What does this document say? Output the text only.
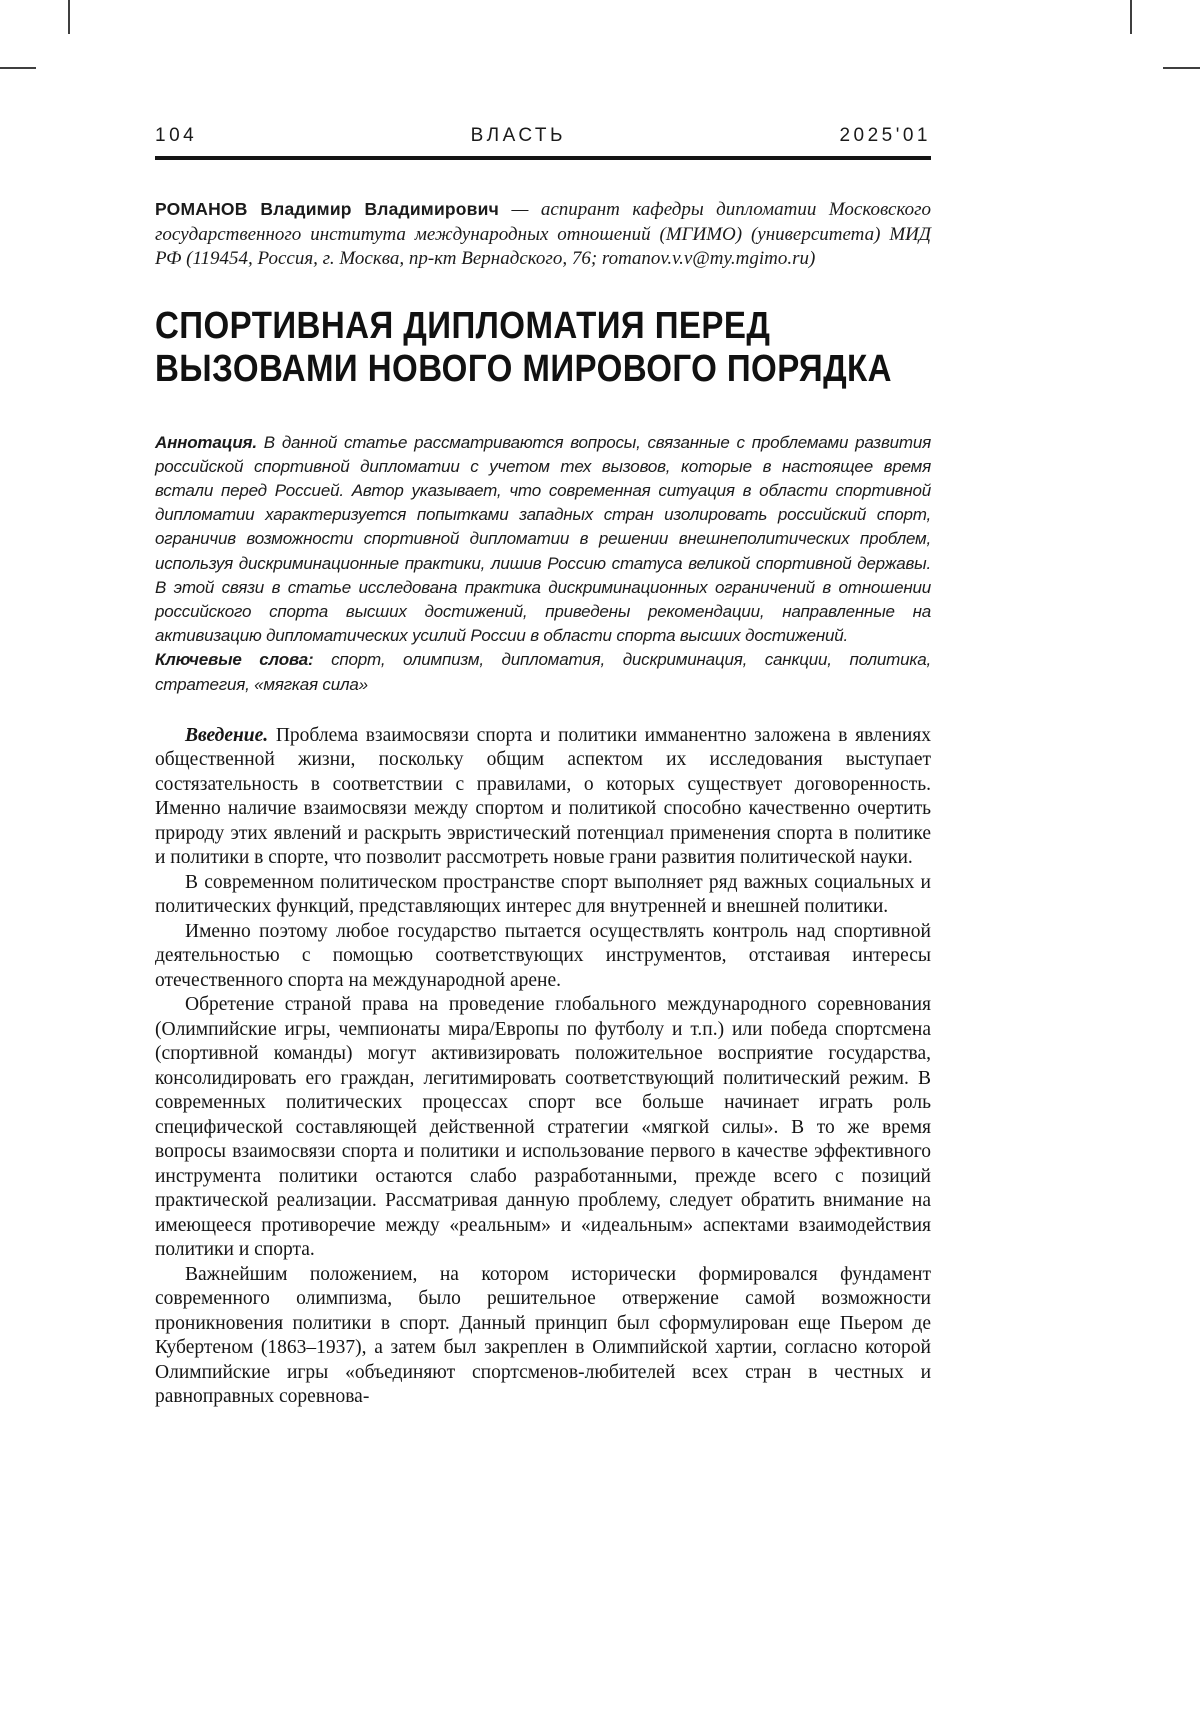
104	ВЛАСТЬ	2025'01

РОМАНОВ Владимир Владимирович — аспирант кафедры дипломатии Московского государственного института международных отношений (МГИМО) (университета) МИД РФ (119454, Россия, г. Москва, пр-кт Вернадского, 76; romanov.v.v@my.mgimo.ru)

СПОРТИВНАЯ ДИПЛОМАТИЯ ПЕРЕД
ВЫЗОВАМИ НОВОГО МИРОВОГО ПОРЯДКА

Аннотация. В данной статье рассматриваются вопросы, связанные с проблемами развития российской спортивной дипломатии с учетом тех вызовов, которые в настоящее время встали перед Россией. Автор указывает, что современная ситуация в области спортивной дипломатии характеризуется попытками западных стран изолировать российский спорт, ограничив возможности спортивной дипломатии в решении внешнеполитических проблем, используя дискриминационные практики, лишив Россию статуса великой спортивной державы. В этой связи в статье исследована практика дискриминационных ограничений в отношении российского спорта высших достижений, приведены рекомендации, направленные на активизацию дипломатических усилий России в области спорта высших достижений.

Ключевые слова: спорт, олимпизм, дипломатия, дискриминация, санкции, политика, стратегия, «мягкая сила»

Введение. Проблема взаимосвязи спорта и политики имманентно заложена в явлениях общественной жизни, поскольку общим аспектом их исследования выступает состязательность в соответствии с правилами, о которых существует договоренность. Именно наличие взаимосвязи между спортом и политикой способно качественно очертить природу этих явлений и раскрыть эвристический потенциал применения спорта в политике и политики в спорте, что позволит рассмотреть новые грани развития политической науки.

В современном политическом пространстве спорт выполняет ряд важных социальных и политических функций, представляющих интерес для внутренней и внешней политики.

Именно поэтому любое государство пытается осуществлять контроль над спортивной деятельностью с помощью соответствующих инструментов, отстаивая интересы отечественного спорта на международной арене.

Обретение страной права на проведение глобального международного соревнования (Олимпийские игры, чемпионаты мира/Европы по футболу и т.п.) или победа спортсмена (спортивной команды) могут активизировать положительное восприятие государства, консолидировать его граждан, легитимировать соответствующий политический режим. В современных политических процессах спорт все больше начинает играть роль специфической составляющей действенной стратегии «мягкой силы». В то же время вопросы взаимосвязи спорта и политики и использование первого в качестве эффективного инструмента политики остаются слабо разработанными, прежде всего с позиций практической реализации. Рассматривая данную проблему, следует обратить внимание на имеющееся противоречие между «реальным» и «идеальным» аспектами взаимодействия политики и спорта.

Важнейшим положением, на котором исторически формировался фундамент современного олимпизма, было решительное отвержение самой возможности проникновения политики в спорт. Данный принцип был сформулирован еще Пьером де Кубертеном (1863–1937), а затем был закреплен в Олимпийской хартии, согласно которой Олимпийские игры «объединяют спортсменов-любителей всех стран в честных и равноправных соревнова-
